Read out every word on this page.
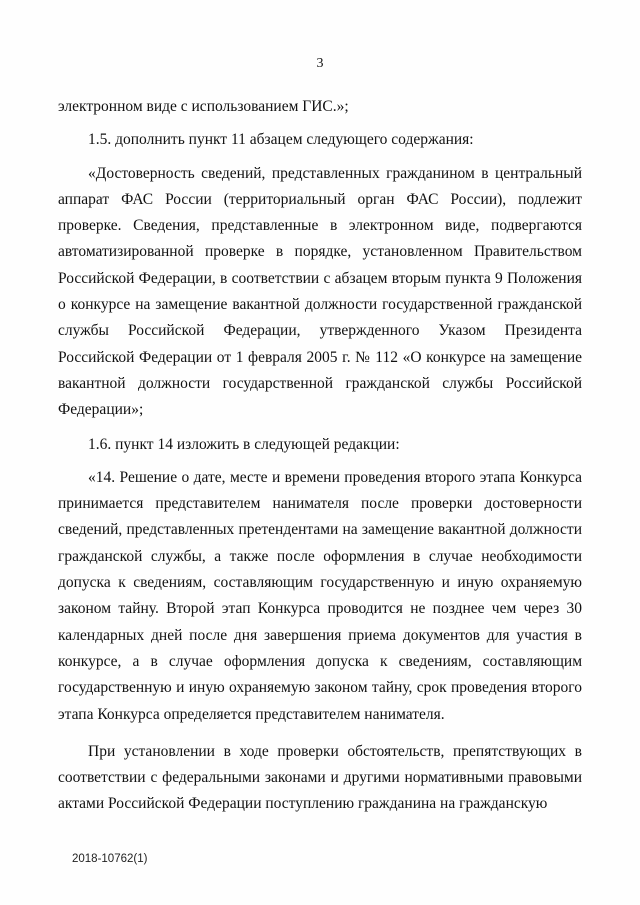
3

электронном виде с использованием ГИС.»;

1.5. дополнить пункт 11 абзацем следующего содержания:

«Достоверность сведений, представленных гражданином в центральный аппарат ФАС России (территориальный орган ФАС России), подлежит проверке. Сведения, представленные в электронном виде, подвергаются автоматизированной проверке в порядке, установленном Правительством Российской Федерации, в соответствии с абзацем вторым пункта 9 Положения о конкурсе на замещение вакантной должности государственной гражданской службы Российской Федерации, утвержденного Указом Президента Российской Федерации от 1 февраля 2005 г. № 112 «О конкурсе на замещение вакантной должности государственной гражданской службы Российской Федерации»;

1.6. пункт 14 изложить в следующей редакции:

«14. Решение о дате, месте и времени проведения второго этапа Конкурса принимается представителем нанимателя после проверки достоверности сведений, представленных претендентами на замещение вакантной должности гражданской службы, а также после оформления в случае необходимости допуска к сведениям, составляющим государственную и иную охраняемую законом тайну. Второй этап Конкурса проводится не позднее чем через 30 календарных дней после дня завершения приема документов для участия в конкурсе, а в случае оформления допуска к сведениям, составляющим государственную и иную охраняемую законом тайну, срок проведения второго этапа Конкурса определяется представителем нанимателя.

При установлении в ходе проверки обстоятельств, препятствующих в соответствии с федеральными законами и другими нормативными правовыми актами Российской Федерации поступлению гражданина на гражданскую

2018-10762(1)
